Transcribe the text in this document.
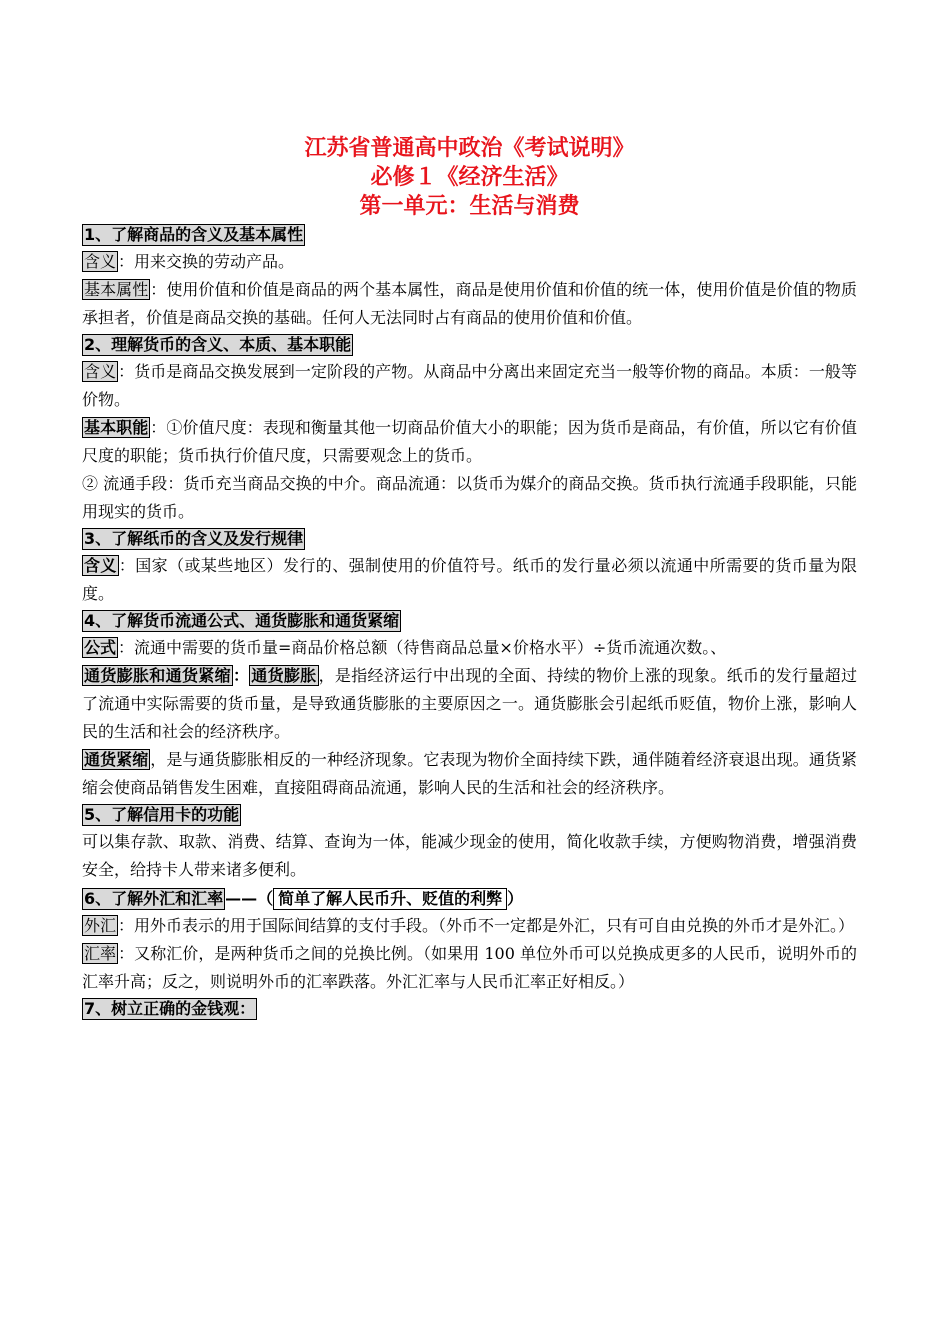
江苏省普通高中政治《考试说明》
必修１《经济生活》
第一单元：生活与消费
1、了解商品的含义及基本属性

含义 ：用来交换的劳动产品。

基本属性 ：使用价值和价值是商品的两个基本属性，商品是使用价值和价值的统一体，使用价值是价值的物质承担者，价值是商品交换的基础。任何人无法同时占有商品的使用价值和价值。

2、理解货币的含义、本质、基本职能

含义 ：货币是商品交换发展到一定阶段的产物。从商品中分离出来固定充当一般等价物的商品。本质：一般等价物。

基本职能 ：①价值尺度：表现和衡量其他一切商品价值大小的职能；因为货币是商品，有价值，所以它有价值尺度的职能；货币执行价值尺度，只需要观念上的货币。

② 流通手段：货币充当商品交换的中介。商品流通：以货币为媒介的商品交换。货币执行流通手段职能，只能用现实的货币。

3、了解纸币的含义及发行规律

含义 ：国家（或某些地区）发行的、强制使用的价值符号。纸币的发行量必须以流通中所需要的货币量为限度。

4、了解货币流通公式、通货膨胀和通货紧缩

公式 ：流通中需要的货币量=商品价格总额（待售商品总量×价格水平）÷货币流通次数。、

通货膨胀和通货紧缩 ： 通货膨胀 ，是指经济运行中出现的全面、持续的物价上涨的现象。纸币的发行量超过了流通中实际需要的货币量，是导致通货膨胀的主要原因之一。通货膨胀会引起纸币贬值，物价上涨，影响人民的生活和社会的经济秩序。

通货紧缩 ，是与通货膨胀相反的一种经济现象。它表现为物价全面持续下跌，通伴随着经济衰退出现。通货紧缩会使商品销售发生困难，直接阻碍商品流通，影响人民的生活和社会的经济秩序。

5、了解信用卡的功能

可以集存款、取款、消费、结算、查询为一体，能减少现金的使用，简化收款手续，方便购物消费，增强消费安全，给持卡人带来诸多便利。

6、了解外汇和汇率 ——（ 简单了解人民币升、贬值的利弊 ）

外汇 ：用外币表示的用于国际间结算的支付手段。（外币不一定都是外汇，只有可自由兑换的外币才是外汇。）

汇率 ：又称汇价，是两种货币之间的兑换比例。（如果用 100 单位外币可以兑换成更多的人民币，说明外币的汇率升高；反之，则说明外币的汇率跌落。外汇汇率与人民币汇率正好相反。）

7、树立正确的金钱观：
